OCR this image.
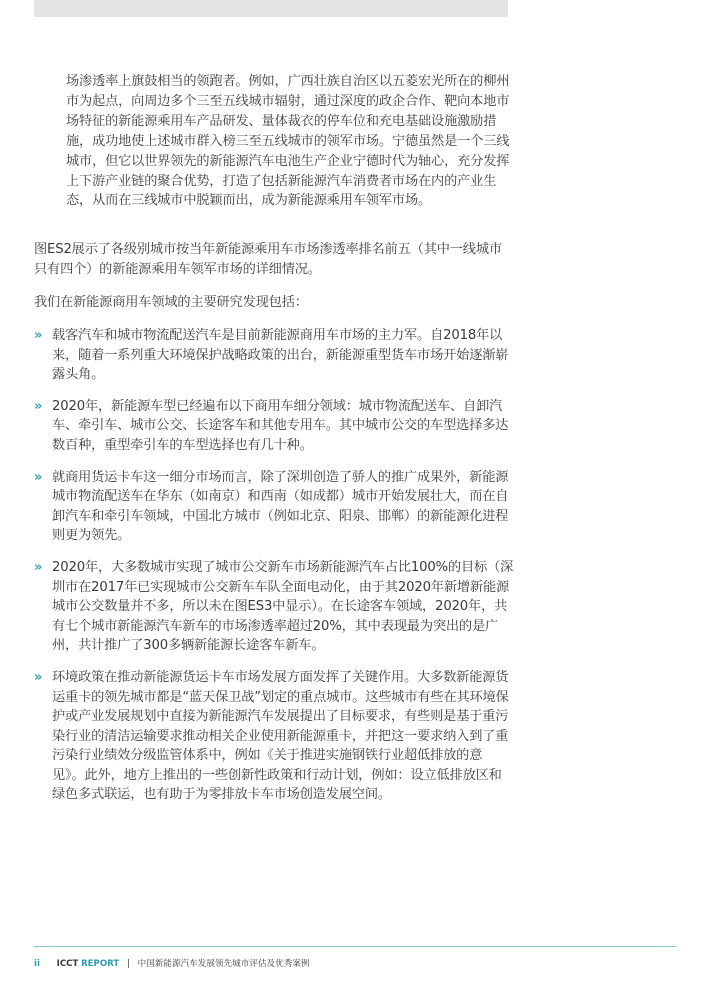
场渗透率上旗鼓相当的领跑者。例如，广西壮族自治区以五菱宏光所在的柳州市为起点，向周边多个三至五线城市辐射，通过深度的政企合作、靶向本地市场特征的新能源乘用车产品研发、量体裁衣的停车位和充电基础设施激励措施，成功地使上述城市群入榜三至五线城市的领军市场。宁德虽然是一个三线城市，但它以世界领先的新能源汽车电池生产企业宁德时代为轴心，充分发挥上下游产业链的聚合优势，打造了包括新能源汽车消费者市场在内的产业生态，从而在三线城市中脱颖而出，成为新能源乘用车领军市场。
图ES2展示了各级别城市按当年新能源乘用车市场渗透率排名前五（其中一线城市只有四个）的新能源乘用车领军市场的详细情况。
我们在新能源商用车领域的主要研究发现包括：
» 载客汽车和城市物流配送汽车是目前新能源商用车市场的主力军。自2018年以来，随着一系列重大环境保护战略政策的出台，新能源重型货车市场开始逐渐崭露头角。
» 2020年，新能源车型已经遍布以下商用车细分领域：城市物流配送车、自卸汽车、牵引车、城市公交、长途客车和其他专用车。其中城市公交的车型选择多达数百种，重型牵引车的车型选择也有几十种。
» 就商用货运卡车这一细分市场而言，除了深圳创造了骄人的推广成果外，新能源城市物流配送车在华东（如南京）和西南（如成都）城市开始发展壮大，而在自卸汽车和牵引车领域，中国北方城市（例如北京、阳泉、邯郸）的新能源化进程则更为领先。
» 2020年，大多数城市实现了城市公交新车市场新能源汽车占比100%的目标（深圳市在2017年已实现城市公交新车车队全面电动化，由于其2020年新增新能源城市公交数量并不多，所以未在图ES3中显示）。在长途客车领域，2020年，共有七个城市新能源汽车新车的市场渗透率超过20%，其中表现最为突出的是广州，共计推广了300多辆新能源长途客车新车。
» 环境政策在推动新能源货运卡车市场发展方面发挥了关键作用。大多数新能源货运重卡的领先城市都是“蓝天保卫战”划定的重点城市。这些城市有些在其环境保护或产业发展规划中直接为新能源汽车发展提出了目标要求，有些则是基于重污染行业的清洁运输要求推动相关企业使用新能源重卡，并把这一要求纳入到了重污染行业绩效分级监管体系中，例如《关于推进实施钢铁行业超低排放的意见》。此外，地方上推出的一些创新性政策和行动计划，例如：设立低排放区和绿色多式联运，也有助于为零排放卡车市场创造发展空间。
ii ICCT REPORT | 中国新能源汽车发展领先城市评估及优秀案例
